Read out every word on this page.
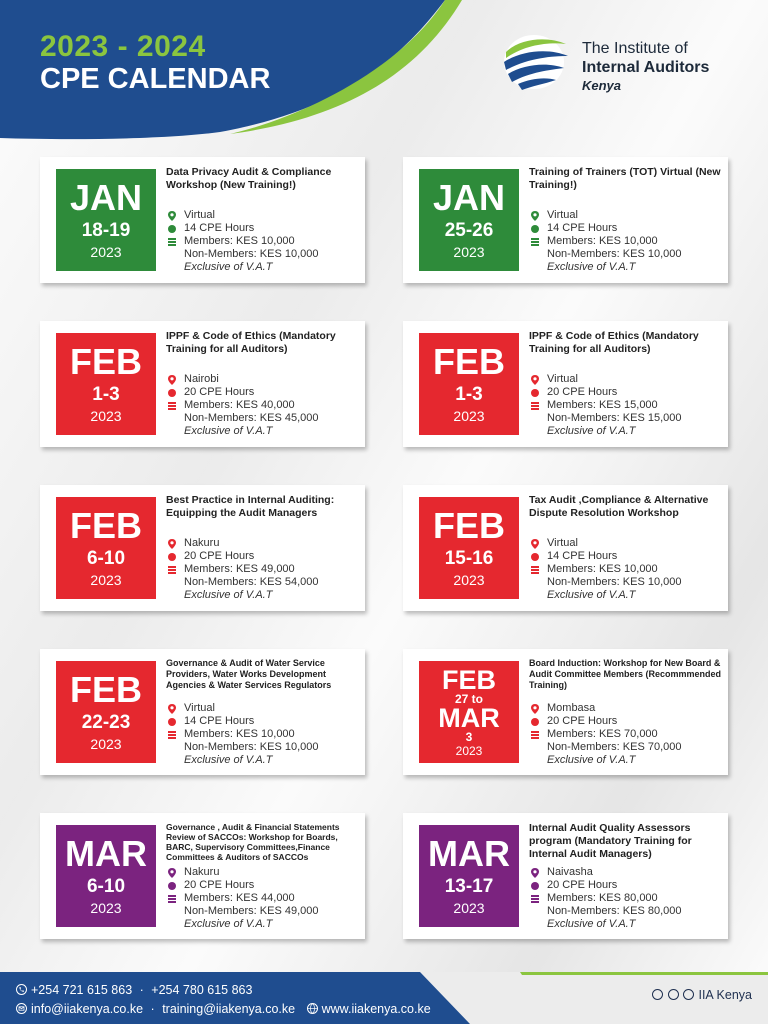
2023 - 2024
CPE CALENDAR
The Institute of
Internal Auditors
Kenya
JAN
18-19
2023
Data Privacy Audit & Compliance Workshop (New Training!)
Virtual
14 CPE Hours
Members: KES 10,000
Non-Members: KES 10,000
Exclusive of V.A.T
JAN
25-26
2023
Training of Trainers (TOT) Virtual (New Training!)
Virtual
14 CPE Hours
Members: KES 10,000
Non-Members: KES 10,000
Exclusive of V.A.T
FEB
1-3
2023
IPPF & Code of Ethics (Mandatory Training for all Auditors)
Nairobi
20 CPE Hours
Members: KES 40,000
Non-Members: KES 45,000
Exclusive of V.A.T
FEB
1-3
2023
IPPF & Code of Ethics (Mandatory Training for all Auditors)
Virtual
20 CPE Hours
Members: KES 15,000
Non-Members: KES 15,000
Exclusive of V.A.T
FEB
6-10
2023
Best Practice in Internal Auditing: Equipping the Audit Managers
Nakuru
20 CPE Hours
Members: KES 49,000
Non-Members: KES 54,000
Exclusive of V.A.T
FEB
15-16
2023
Tax Audit ,Compliance & Alternative Dispute Resolution Workshop
Virtual
14 CPE Hours
Members: KES 10,000
Non-Members: KES 10,000
Exclusive of V.A.T
FEB
22-23
2023
Governance & Audit of Water Service Providers, Water Works Development Agencies & Water Services Regulators
Virtual
14 CPE Hours
Members: KES 10,000
Non-Members: KES 10,000
Exclusive of V.A.T
FEB
27 to
MAR
3
2023
Board Induction: Workshop for New Board & Audit Committee Members (Recommmended Training)
Mombasa
20 CPE Hours
Members: KES 70,000
Non-Members: KES 70,000
Exclusive of V.A.T
MAR
6-10
2023
Governance , Audit & Financial Statements Review of SACCOs: Workshop for Boards, BARC, Supervisory Committees,Finance Committees & Auditors of SACCOs
Nakuru
20 CPE Hours
Members: KES 44,000
Non-Members: KES 49,000
Exclusive of V.A.T
MAR
13-17
2023
Internal Audit Quality Assessors program (Mandatory Training for Internal Audit Managers)
Naivasha
20 CPE Hours
Members: KES 80,000
Non-Members: KES 80,000
Exclusive of V.A.T
+254 721 615 863 · +254 780 615 863
info@iiakenya.co.ke · training@iiakenya.co.ke www.iiakenya.co.ke
IIA Kenya
